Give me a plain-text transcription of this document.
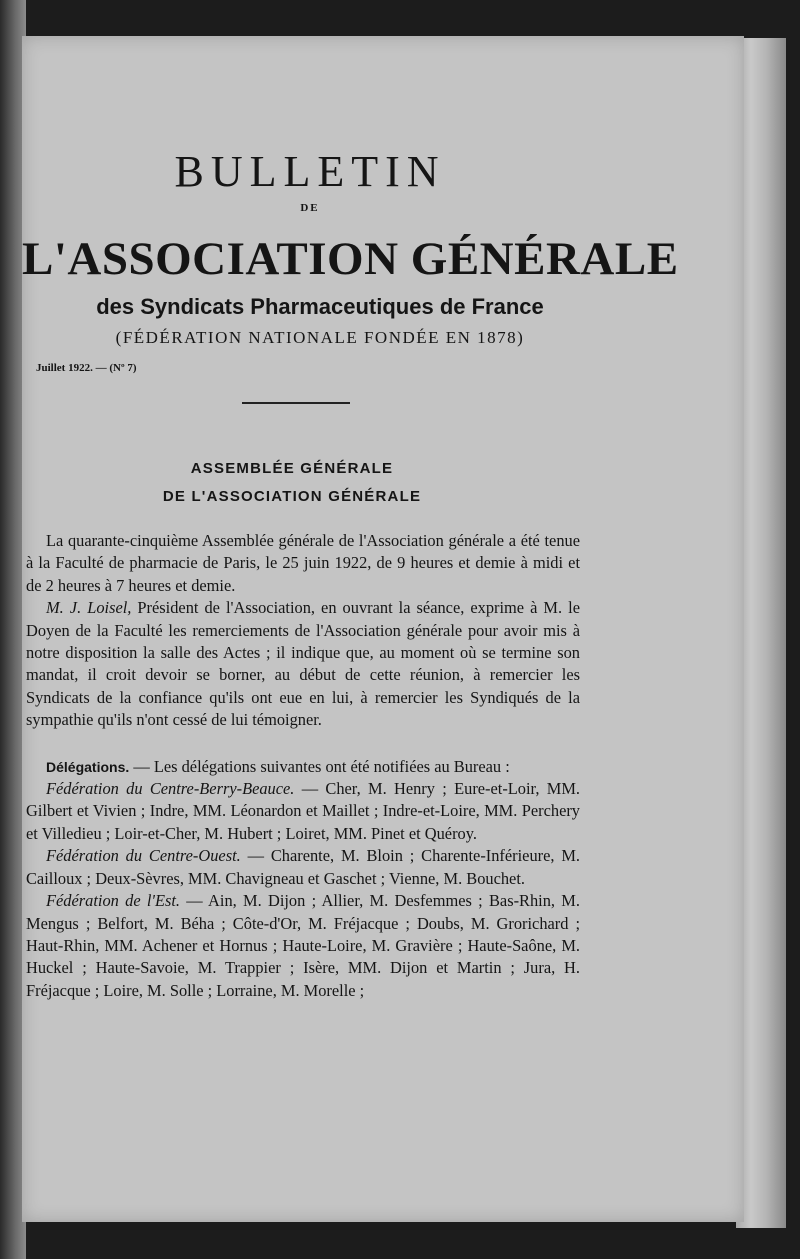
BULLETIN
DE
L'ASSOCIATION GÉNÉRALE
des Syndicats Pharmaceutiques de France
(FÉDÉRATION NATIONALE FONDÉE EN 1878)
Juillet 1922. — (Nº 7)
ASSEMBLÉE GÉNÉRALE
DE L'ASSOCIATION GÉNÉRALE

La quarante-cinquième Assemblée générale de l'Association générale a été tenue à la Faculté de pharmacie de Paris, le 25 juin 1922, de 9 heures et demie à midi et de 2 heures à 7 heures et demie.

M. J. Loisel, Président de l'Association, en ouvrant la séance, exprime à M. le Doyen de la Faculté les remerciements de l'Association générale pour avoir mis à notre disposition la salle des Actes ; il indique que, au moment où se termine son mandat, il croit devoir se borner, au début de cette réunion, à remercier les Syndicats de la confiance qu'ils ont eue en lui, à remercier les Syndiqués de la sympathie qu'ils n'ont cessé de lui témoigner.

Délégations. — Les délégations suivantes ont été notifiées au Bureau :

Fédération du Centre-Berry-Beauce. — Cher, M. Henry ; Eure-et-Loir, MM. Gilbert et Vivien ; Indre, MM. Léonardon et Maillet ; Indre-et-Loire, MM. Perchery et Villedieu ; Loir-et-Cher, M. Hubert ; Loiret, MM. Pinet et Quéroy.

Fédération du Centre-Ouest. — Charente, M. Bloin ; Charente-Inférieure, M. Cailloux ; Deux-Sèvres, MM. Chavigneau et Gaschet ; Vienne, M. Bouchet.

Fédération de l'Est. — Ain, M. Dijon ; Allier, M. Desfemmes ; Bas-Rhin, M. Mengus ; Belfort, M. Béha ; Côte-d'Or, M. Fréjacque ; Doubs, M. Grorichard ; Haut-Rhin, MM. Achener et Hornus ; Haute-Loire, M. Gravière ; Haute-Saône, M. Huckel ; Haute-Savoie, M. Trappier ; Isère, MM. Dijon et Martin ; Jura, H. Fréjacque ; Loire, M. Solle ; Lorraine, M. Morelle ;
